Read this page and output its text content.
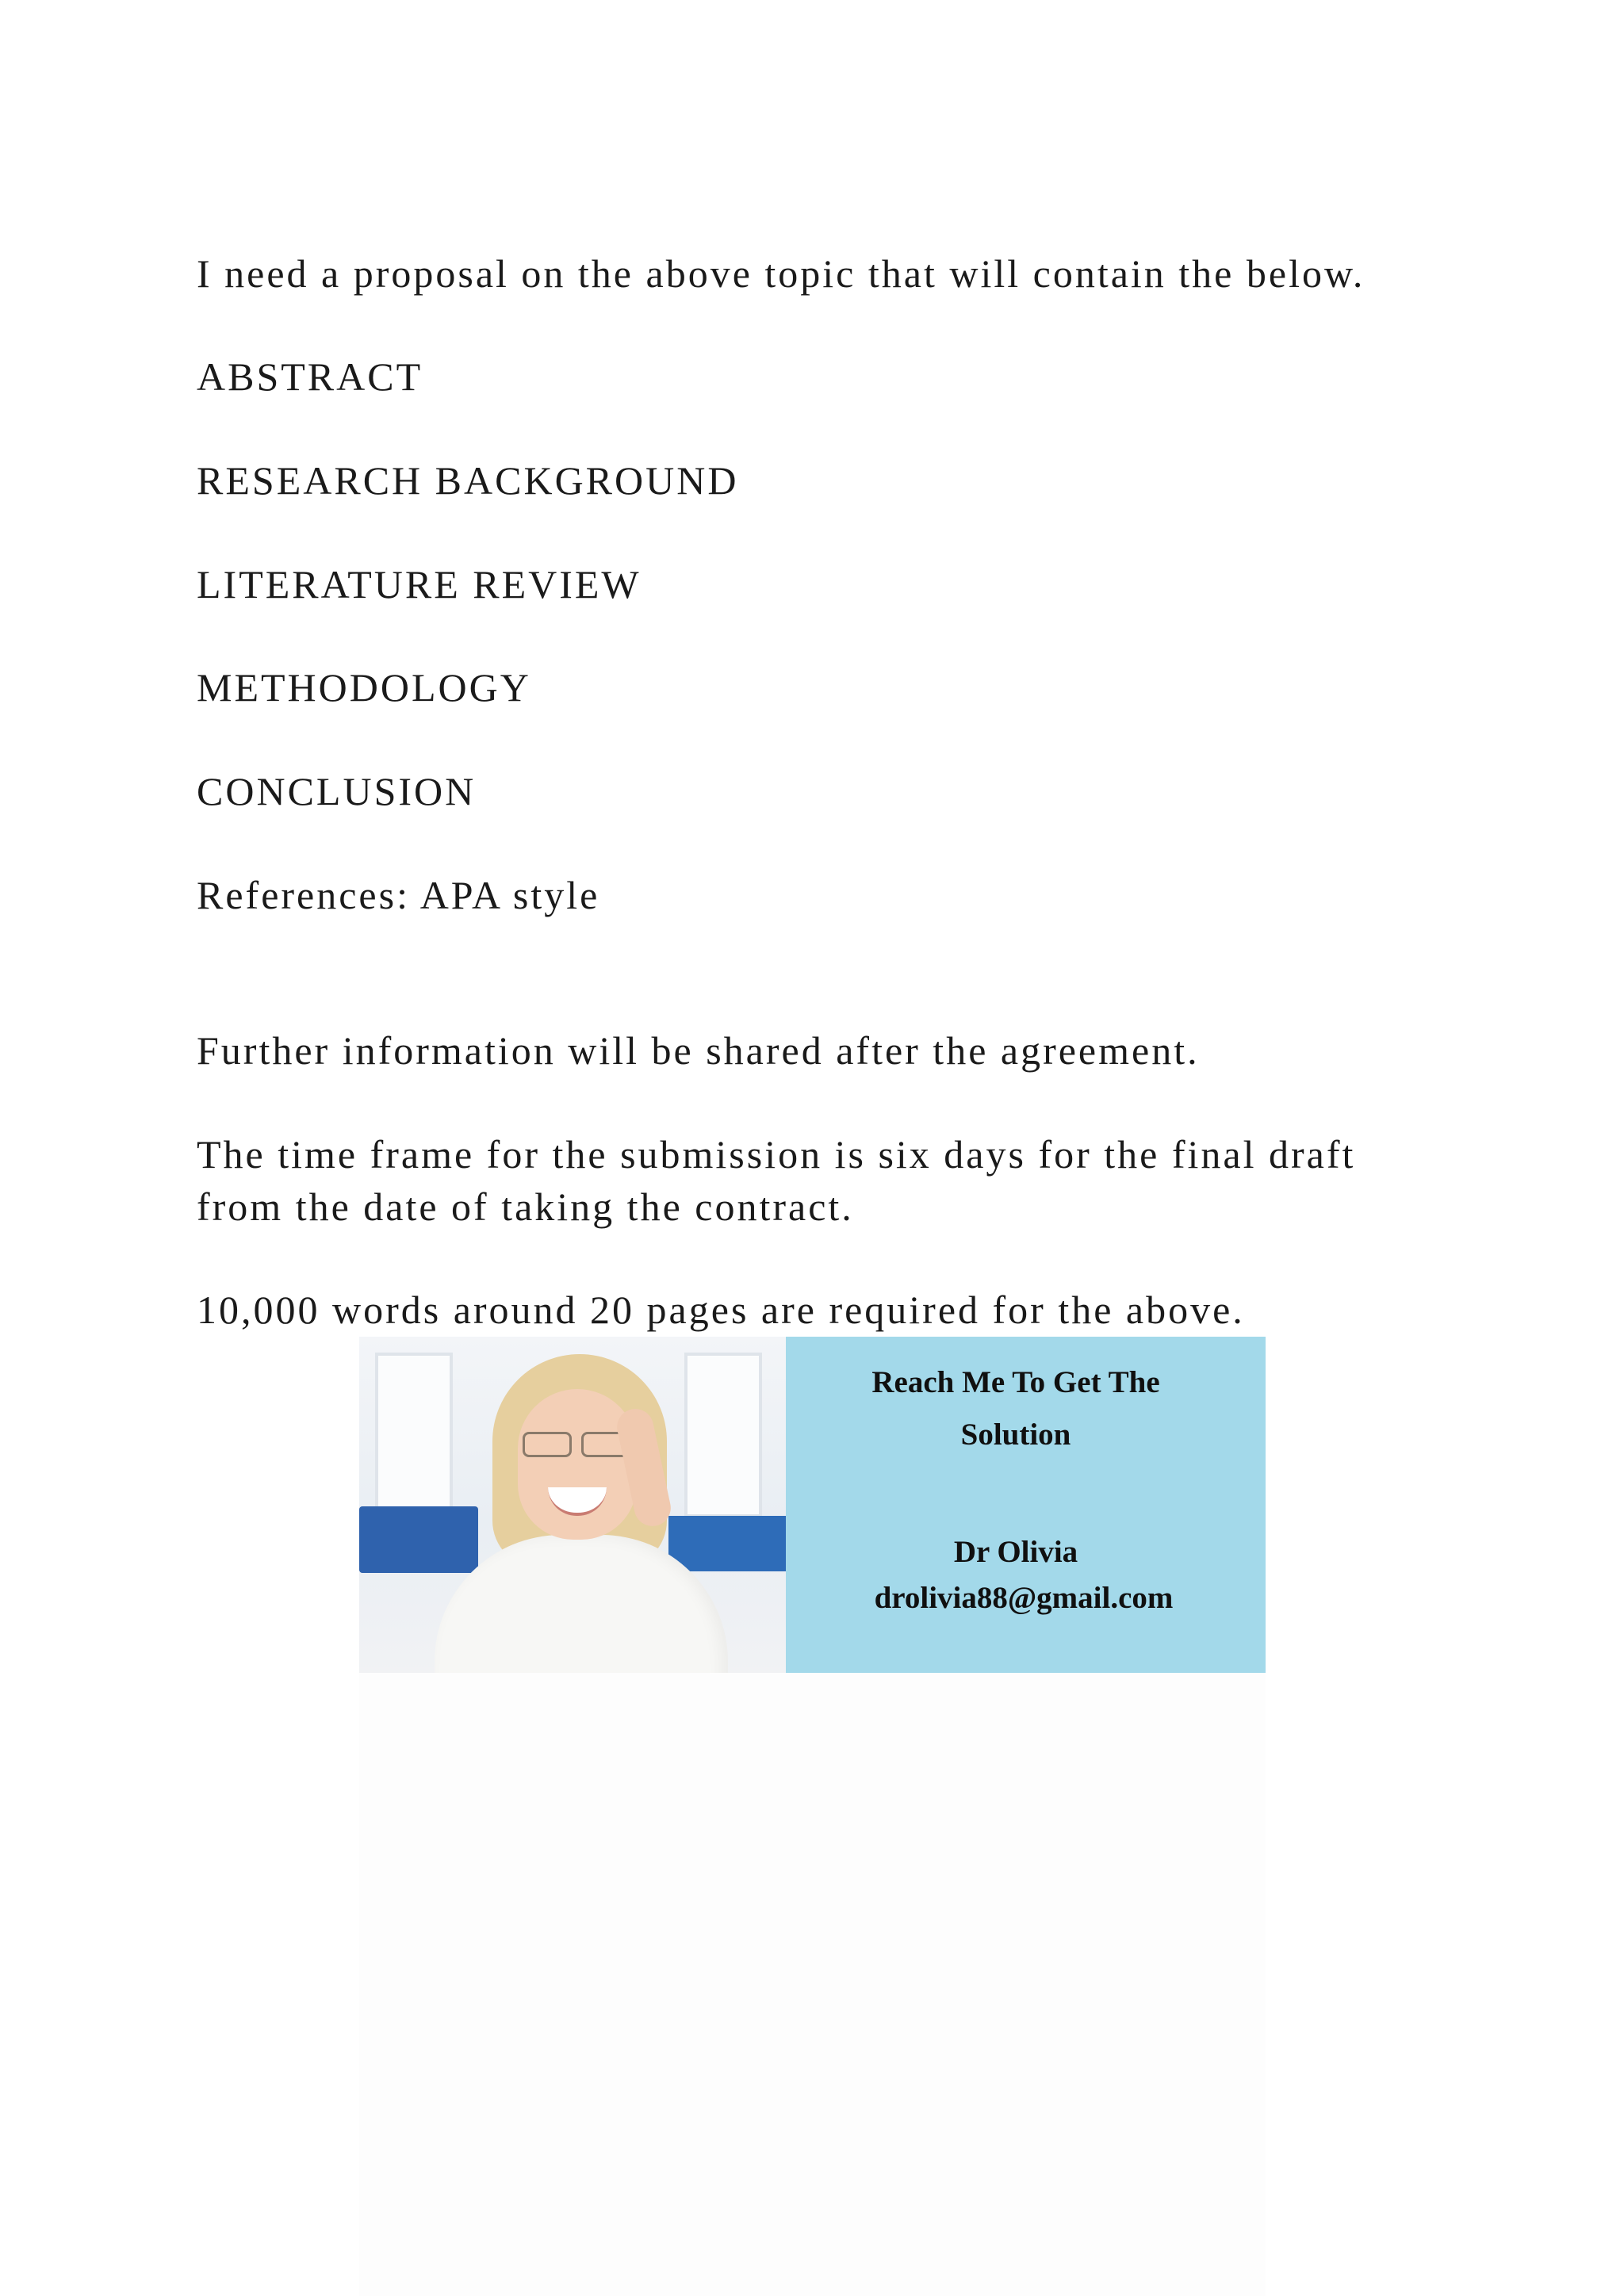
I need a proposal on the above topic that will contain the below.

ABSTRACT

RESEARCH BACKGROUND

LITERATURE REVIEW

METHODOLOGY

CONCLUSION

References: APA style

Further information will be shared after the agreement.

The time frame for the submission is six days for the final draft
from the date of taking the contract.

10,000 words around 20 pages are required for the above.

Reach Me To Get The
Solution
Dr Olivia
drolivia88@gmail.com
